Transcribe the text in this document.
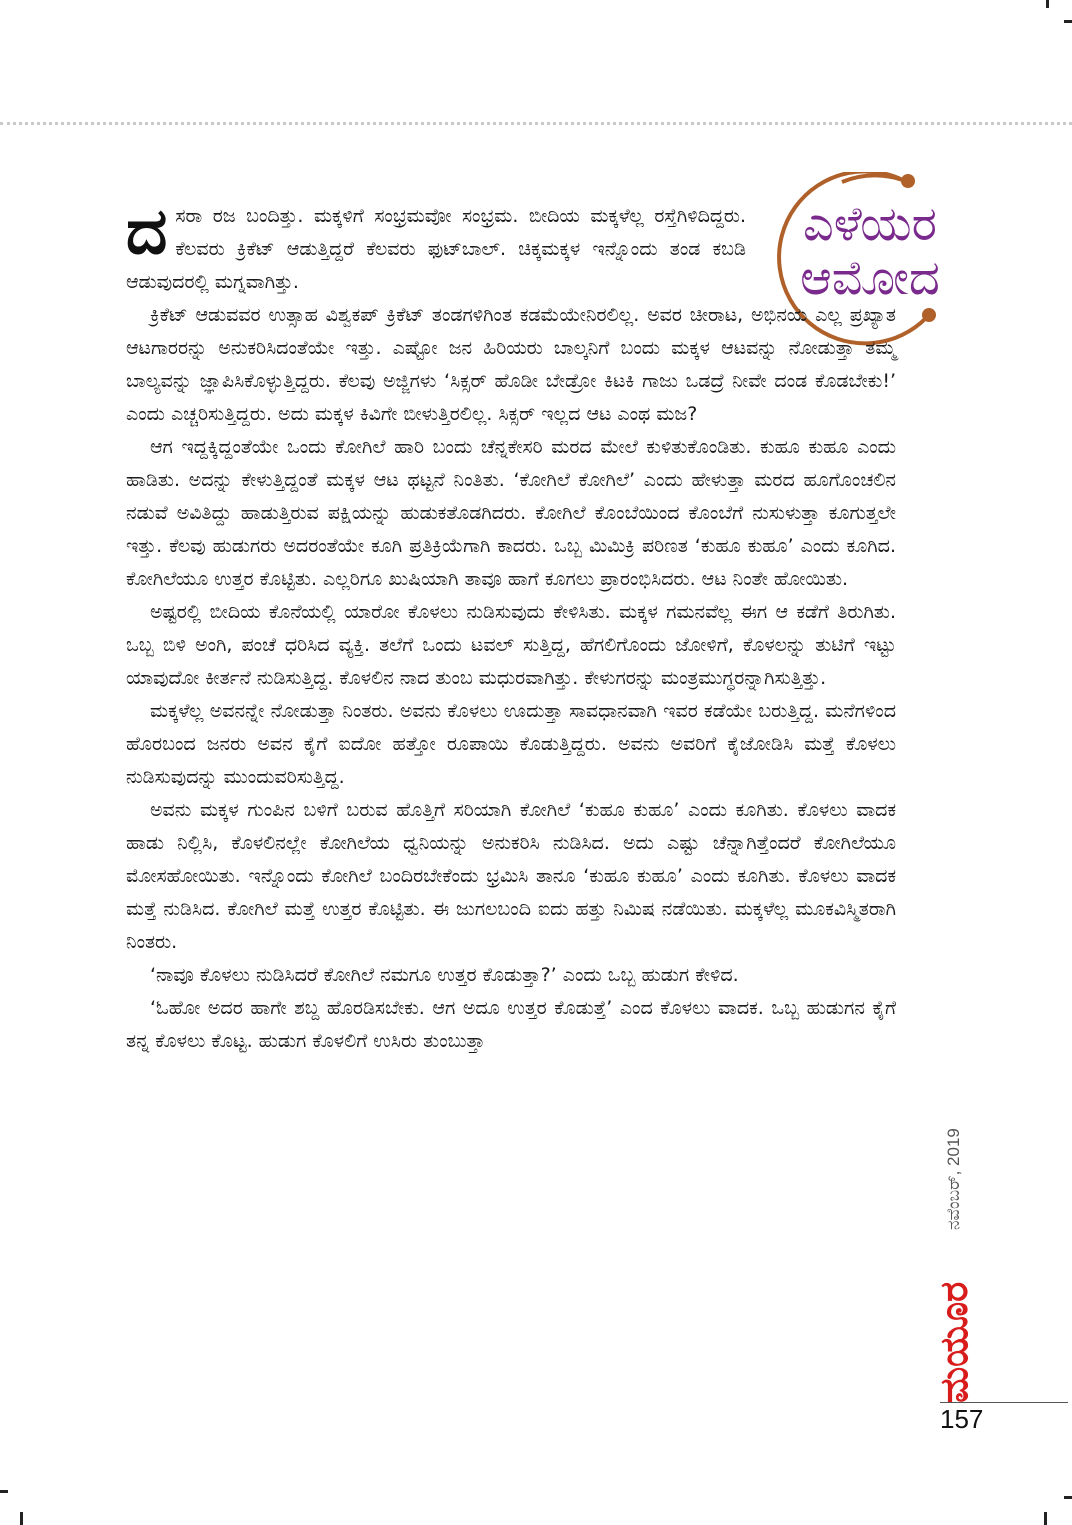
ಎಳೆಯರ
ಆಮೋದ

ದ ಸರಾ ರಜ ಬಂದಿತ್ತು. ಮಕ್ಕಳಿಗೆ ಸಂಭ್ರಮವೋ ಸಂಭ್ರಮ. ಬೀದಿಯ ಮಕ್ಕಳೆಲ್ಲ ರಸ್ತೆಗಿಳಿದಿದ್ದರು. ಕೆಲವರು ಕ್ರಿಕೆಟ್ ಆಡುತ್ತಿದ್ದರೆ ಕೆಲವರು ಫುಟ್‌ಬಾಲ್. ಚಿಕ್ಕಮಕ್ಕಳ ಇನ್ನೊಂದು ತಂಡ ಕಬಡಿ ಆಡುವುದರಲ್ಲಿ ಮಗ್ನವಾಗಿತ್ತು.

ಕ್ರಿಕೆಟ್ ಆಡುವವರ ಉತ್ಸಾಹ ವಿಶ್ವಕಪ್ ಕ್ರಿಕೆಟ್ ತಂಡಗಳಿಗಿಂತ ಕಡಮೆಯೇನಿರಲಿಲ್ಲ. ಅವರ ಚೀರಾಟ, ಅಭಿನಯ ಎಲ್ಲ ಪ್ರಖ್ಯಾತ ಆಟಗಾರರನ್ನು ಅನುಕರಿಸಿದಂತೆಯೇ ಇತ್ತು. ಎಷ್ಟೋ ಜನ ಹಿರಿಯರು ಬಾಲ್ಕನಿಗೆ ಬಂದು ಮಕ್ಕಳ ಆಟವನ್ನು ನೋಡುತ್ತಾ ತಮ್ಮ ಬಾಲ್ಯವನ್ನು ಜ್ಞಾಪಿಸಿಕೊಳ್ಳುತ್ತಿದ್ದರು. ಕೆಲವು ಅಜ್ಜಿಗಳು ‘ಸಿಕ್ಸರ್ ಹೊಡೀ ಬೇಡ್ರೋ ಕಿಟಕಿ ಗಾಜು ಒಡದ್ರೆ ನೀವೇ ದಂಡ ಕೊಡಬೇಕು!’ ಎಂದು ಎಚ್ಚರಿಸುತ್ತಿದ್ದರು. ಅದು ಮಕ್ಕಳ ಕಿವಿಗೇ ಬೀಳುತ್ತಿರಲಿಲ್ಲ. ಸಿಕ್ಸರ್ ಇಲ್ಲದ ಆಟ ಎಂಥ ಮಜ?

ಆಗ ಇದ್ದಕ್ಕಿದ್ದಂತೆಯೇ ಒಂದು ಕೋಗಿಲೆ ಹಾರಿ ಬಂದು ಚೆನ್ನಕೇಸರಿ ಮರದ ಮೇಲೆ ಕುಳಿತುಕೊಂಡಿತು. ಕುಹೂ ಕುಹೂ ಎಂದು ಹಾಡಿತು. ಅದನ್ನು ಕೇಳುತ್ತಿದ್ದಂತೆ ಮಕ್ಕಳ ಆಟ ಥಟ್ಟನೆ ನಿಂತಿತು. ‘ಕೋಗಿಲೆ ಕೋಗಿಲೆ’ ಎಂದು ಹೇಳುತ್ತಾ ಮರದ ಹೂಗೊಂಚಲಿನ ನಡುವೆ ಅವಿತಿದ್ದು ಹಾಡುತ್ತಿರುವ ಪಕ್ಷಿಯನ್ನು ಹುಡುಕತೊಡಗಿದರು. ಕೋಗಿಲೆ ಕೊಂಬೆಯಿಂದ ಕೊಂಬೆಗೆ ನುಸುಳುತ್ತಾ ಕೂಗುತ್ತಲೇ ಇತ್ತು. ಕೆಲವು ಹುಡುಗರು ಅದರಂತೆಯೇ ಕೂಗಿ ಪ್ರತಿಕ್ರಿಯೆಗಾಗಿ ಕಾದರು. ಒಬ್ಬ ಮಿಮಿಕ್ರಿ ಪರಿಣತ ‘ಕುಹೂ ಕುಹೂ’ ಎಂದು ಕೂಗಿದ. ಕೋಗಿಲೆಯೂ ಉತ್ತರ ಕೊಟ್ಟಿತು. ಎಲ್ಲರಿಗೂ ಖುಷಿಯಾಗಿ ತಾವೂ ಹಾಗೆ ಕೂಗಲು ಪ್ರಾರಂಭಿಸಿದರು. ಆಟ ನಿಂತೇ ಹೋಯಿತು.

ಅಷ್ಟರಲ್ಲಿ ಬೀದಿಯ ಕೊನೆಯಲ್ಲಿ ಯಾರೋ ಕೊಳಲು ನುಡಿಸುವುದು ಕೇಳಿಸಿತು. ಮಕ್ಕಳ ಗಮನವೆಲ್ಲ ಈಗ ಆ ಕಡೆಗೆ ತಿರುಗಿತು. ಒಬ್ಬ ಬಿಳಿ ಅಂಗಿ, ಪಂಚೆ ಧರಿಸಿದ ವ್ಯಕ್ತಿ. ತಲೆಗೆ ಒಂದು ಟವಲ್ ಸುತ್ತಿದ್ದ, ಹೆಗಲಿಗೊಂದು ಜೋಳಿಗೆ, ಕೊಳಲನ್ನು ತುಟಿಗೆ ಇಟ್ಟು ಯಾವುದೋ ಕೀರ್ತನೆ ನುಡಿಸುತ್ತಿದ್ದ. ಕೊಳಲಿನ ನಾದ ತುಂಬ ಮಧುರವಾಗಿತ್ತು. ಕೇಳುಗರನ್ನು ಮಂತ್ರಮುಗ್ಧರನ್ನಾಗಿಸುತ್ತಿತ್ತು.

ಮಕ್ಕಳೆಲ್ಲ ಅವನನ್ನೇ ನೋಡುತ್ತಾ ನಿಂತರು. ಅವನು ಕೊಳಲು ಊದುತ್ತಾ ಸಾವಧಾನವಾಗಿ ಇವರ ಕಡೆಯೇ ಬರುತ್ತಿದ್ದ. ಮನೆಗಳಿಂದ ಹೊರಬಂದ ಜನರು ಅವನ ಕೈಗೆ ಐದೋ ಹತ್ತೋ ರೂಪಾಯಿ ಕೊಡುತ್ತಿದ್ದರು. ಅವನು ಅವರಿಗೆ ಕೈಜೋಡಿಸಿ ಮತ್ತೆ ಕೊಳಲು ನುಡಿಸುವುದನ್ನು ಮುಂದುವರಿಸುತ್ತಿದ್ದ.

ಅವನು ಮಕ್ಕಳ ಗುಂಪಿನ ಬಳಿಗೆ ಬರುವ ಹೊತ್ತಿಗೆ ಸರಿಯಾಗಿ ಕೋಗಿಲೆ ‘ಕುಹೂ ಕುಹೂ’ ಎಂದು ಕೂಗಿತು. ಕೊಳಲು ವಾದಕ ಹಾಡು ನಿಲ್ಲಿಸಿ, ಕೊಳಲಿನಲ್ಲೇ ಕೋಗಿಲೆಯ ಧ್ವನಿಯನ್ನು ಅನುಕರಿಸಿ ನುಡಿಸಿದ. ಅದು ಎಷ್ಟು ಚೆನ್ನಾಗಿತ್ತೆಂದರೆ ಕೋಗಿಲೆಯೂ ಮೋಸಹೋಯಿತು. ಇನ್ನೊಂದು ಕೋಗಿಲೆ ಬಂದಿರಬೇಕೆಂದು ಭ್ರಮಿಸಿ ತಾನೂ ‘ಕುಹೂ ಕುಹೂ’ ಎಂದು ಕೂಗಿತು. ಕೊಳಲು ವಾದಕ ಮತ್ತೆ ನುಡಿಸಿದ. ಕೋಗಿಲೆ ಮತ್ತೆ ಉತ್ತರ ಕೊಟ್ಟಿತು. ಈ ಜುಗಲಬಂದಿ ಐದು ಹತ್ತು ನಿಮಿಷ ನಡೆಯಿತು. ಮಕ್ಕಳೆಲ್ಲ ಮೂಕವಿಸ್ಮಿತರಾಗಿ ನಿಂತರು.

‘ನಾವೂ ಕೊಳಲು ನುಡಿಸಿದರೆ ಕೋಗಿಲೆ ನಮಗೂ ಉತ್ತರ ಕೊಡುತ್ತಾ?’ ಎಂದು ಒಬ್ಬ ಹುಡುಗ ಕೇಳಿದ.

‘ಓಹೋ ಅದರ ಹಾಗೇ ಶಬ್ದ ಹೊರಡಿಸಬೇಕು. ಆಗ ಅದೂ ಉತ್ತರ ಕೊಡುತ್ತೆ’ ಎಂದ ಕೊಳಲು ವಾದಕ. ಒಬ್ಬ ಹುಡುಗನ ಕೈಗೆ ತನ್ನ ಕೊಳಲು ಕೊಟ್ಟ. ಹುಡುಗ ಕೊಳಲಿಗೆ ಉಸಿರು ತುಂಬುತ್ತಾ

ನವೆಂಬರ್, 2019
ಮಯೂರ
157
